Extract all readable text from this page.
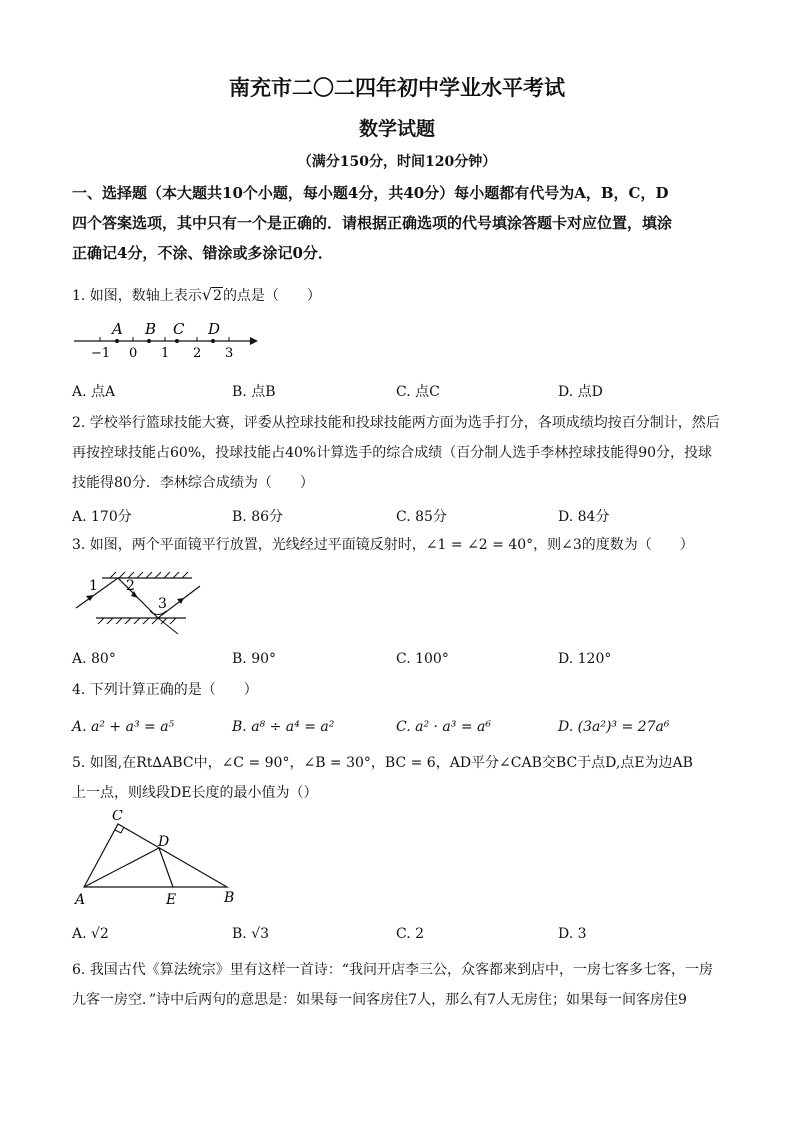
南充市二〇二四年初中学业水平考试
数学试题
（满分150分，时间120分钟）
一、选择题（本大题共10个小题，每小题4分，共40分）每小题都有代号为A，B，C，D
四个答案选项，其中只有一个是正确的．请根据正确选项的代号填涂答题卡对应位置，填涂
正确记4分，不涂、错涂或多涂记0分．
1. 如图，数轴上表示√2的点是（　　）
A B C D
−1 0 1 2 3
A. 点A	B. 点B	C. 点C	D. 点D
2. 学校举行篮球技能大赛，评委从控球技能和投球技能两方面为选手打分，各项成绩均按百分制计，然后
再按控球技能占60%，投球技能占40%计算选手的综合成绩（百分制人选手李林控球技能得90分，投球
技能得80分．李林综合成绩为（　　）
A. 170分	B. 86分	C. 85分	D. 84分
3. 如图，两个平面镜平行放置，光线经过平面镜反射时，∠1 = ∠2 = 40°，则∠3的度数为（　　）
1 2
3
A. 80°	B. 90°	C. 100°	D. 120°
4. 下列计算正确的是（　　）
A. a² + a³ = a⁵	B. a⁸ ÷ a⁴ = a²	C. a² · a³ = a⁶	D. (3a²)³ = 27a⁶
5. 如图,在Rt∆ABC中，∠C = 90°，∠B = 30°，BC = 6，AD平分∠CAB交BC于点D,点E为边AB
上一点，则线段DE长度的最小值为（）
C
D
A	E	B
A. √2	B. √3	C. 2	D. 3
6. 我国古代《算法统宗》里有这样一首诗：“我问开店李三公，众客都来到店中，一房七客多七客，一房
九客一房空．”诗中后两句的意思是：如果每一间客房住7人，那么有7人无房住；如果每一间客房住9
